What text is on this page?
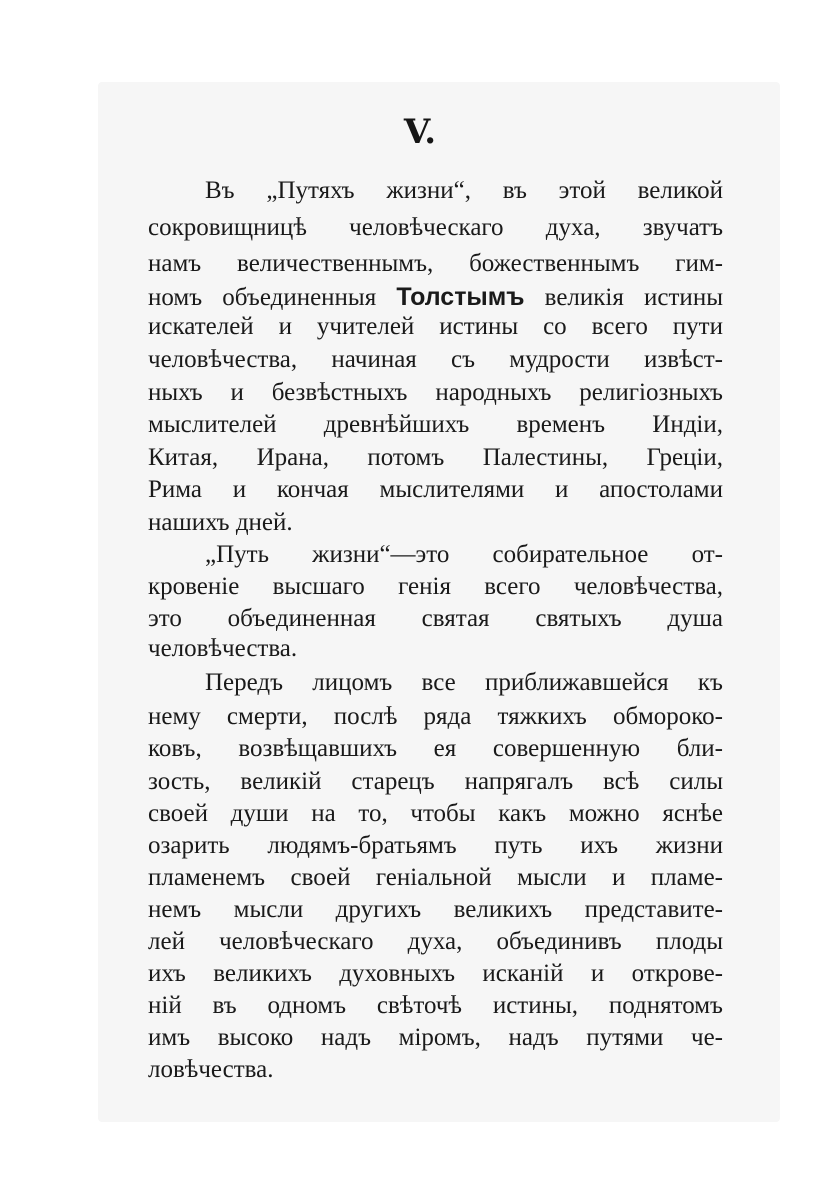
V.
Въ „Путяхъ жизни“, въ этой великой
сокровищницѣ человѣческаго духа, звучатъ
намъ величественнымъ, божественнымъ гим-
номъ объединенныя Толстымъ великія истины
искателей и учителей истины со всего пути
человѣчества, начиная съ мудрости извѣст-
ныхъ и безвѣстныхъ народныхъ религіозныхъ
мыслителей древнѣйшихъ временъ Индіи,
Китая, Ирана, потомъ Палестины, Греціи,
Рима и кончая мыслителями и апостолами
нашихъ дней.
„Путь жизни“—это собирательное от-
кровеніе высшаго генія всего человѣчества,
это объединенная святая святыхъ душа
человѣчества.
Передъ лицомъ все приближавшейся къ
нему смерти, послѣ ряда тяжкихъ обмороко-
ковъ, возвѣщавшихъ ея совершенную бли-
зость, великій старецъ напрягалъ всѣ силы
своей души на то, чтобы какъ можно яснѣе
озарить людямъ-братьямъ путь ихъ жизни
пламенемъ своей геніальной мысли и пламе-
немъ мысли другихъ великихъ представите-
лей человѣческаго духа, объединивъ плоды
ихъ великихъ духовныхъ исканій и открове-
ній въ одномъ свѣточѣ истины, поднятомъ
имъ высоко надъ міромъ, надъ путями че-
ловѣчества.
